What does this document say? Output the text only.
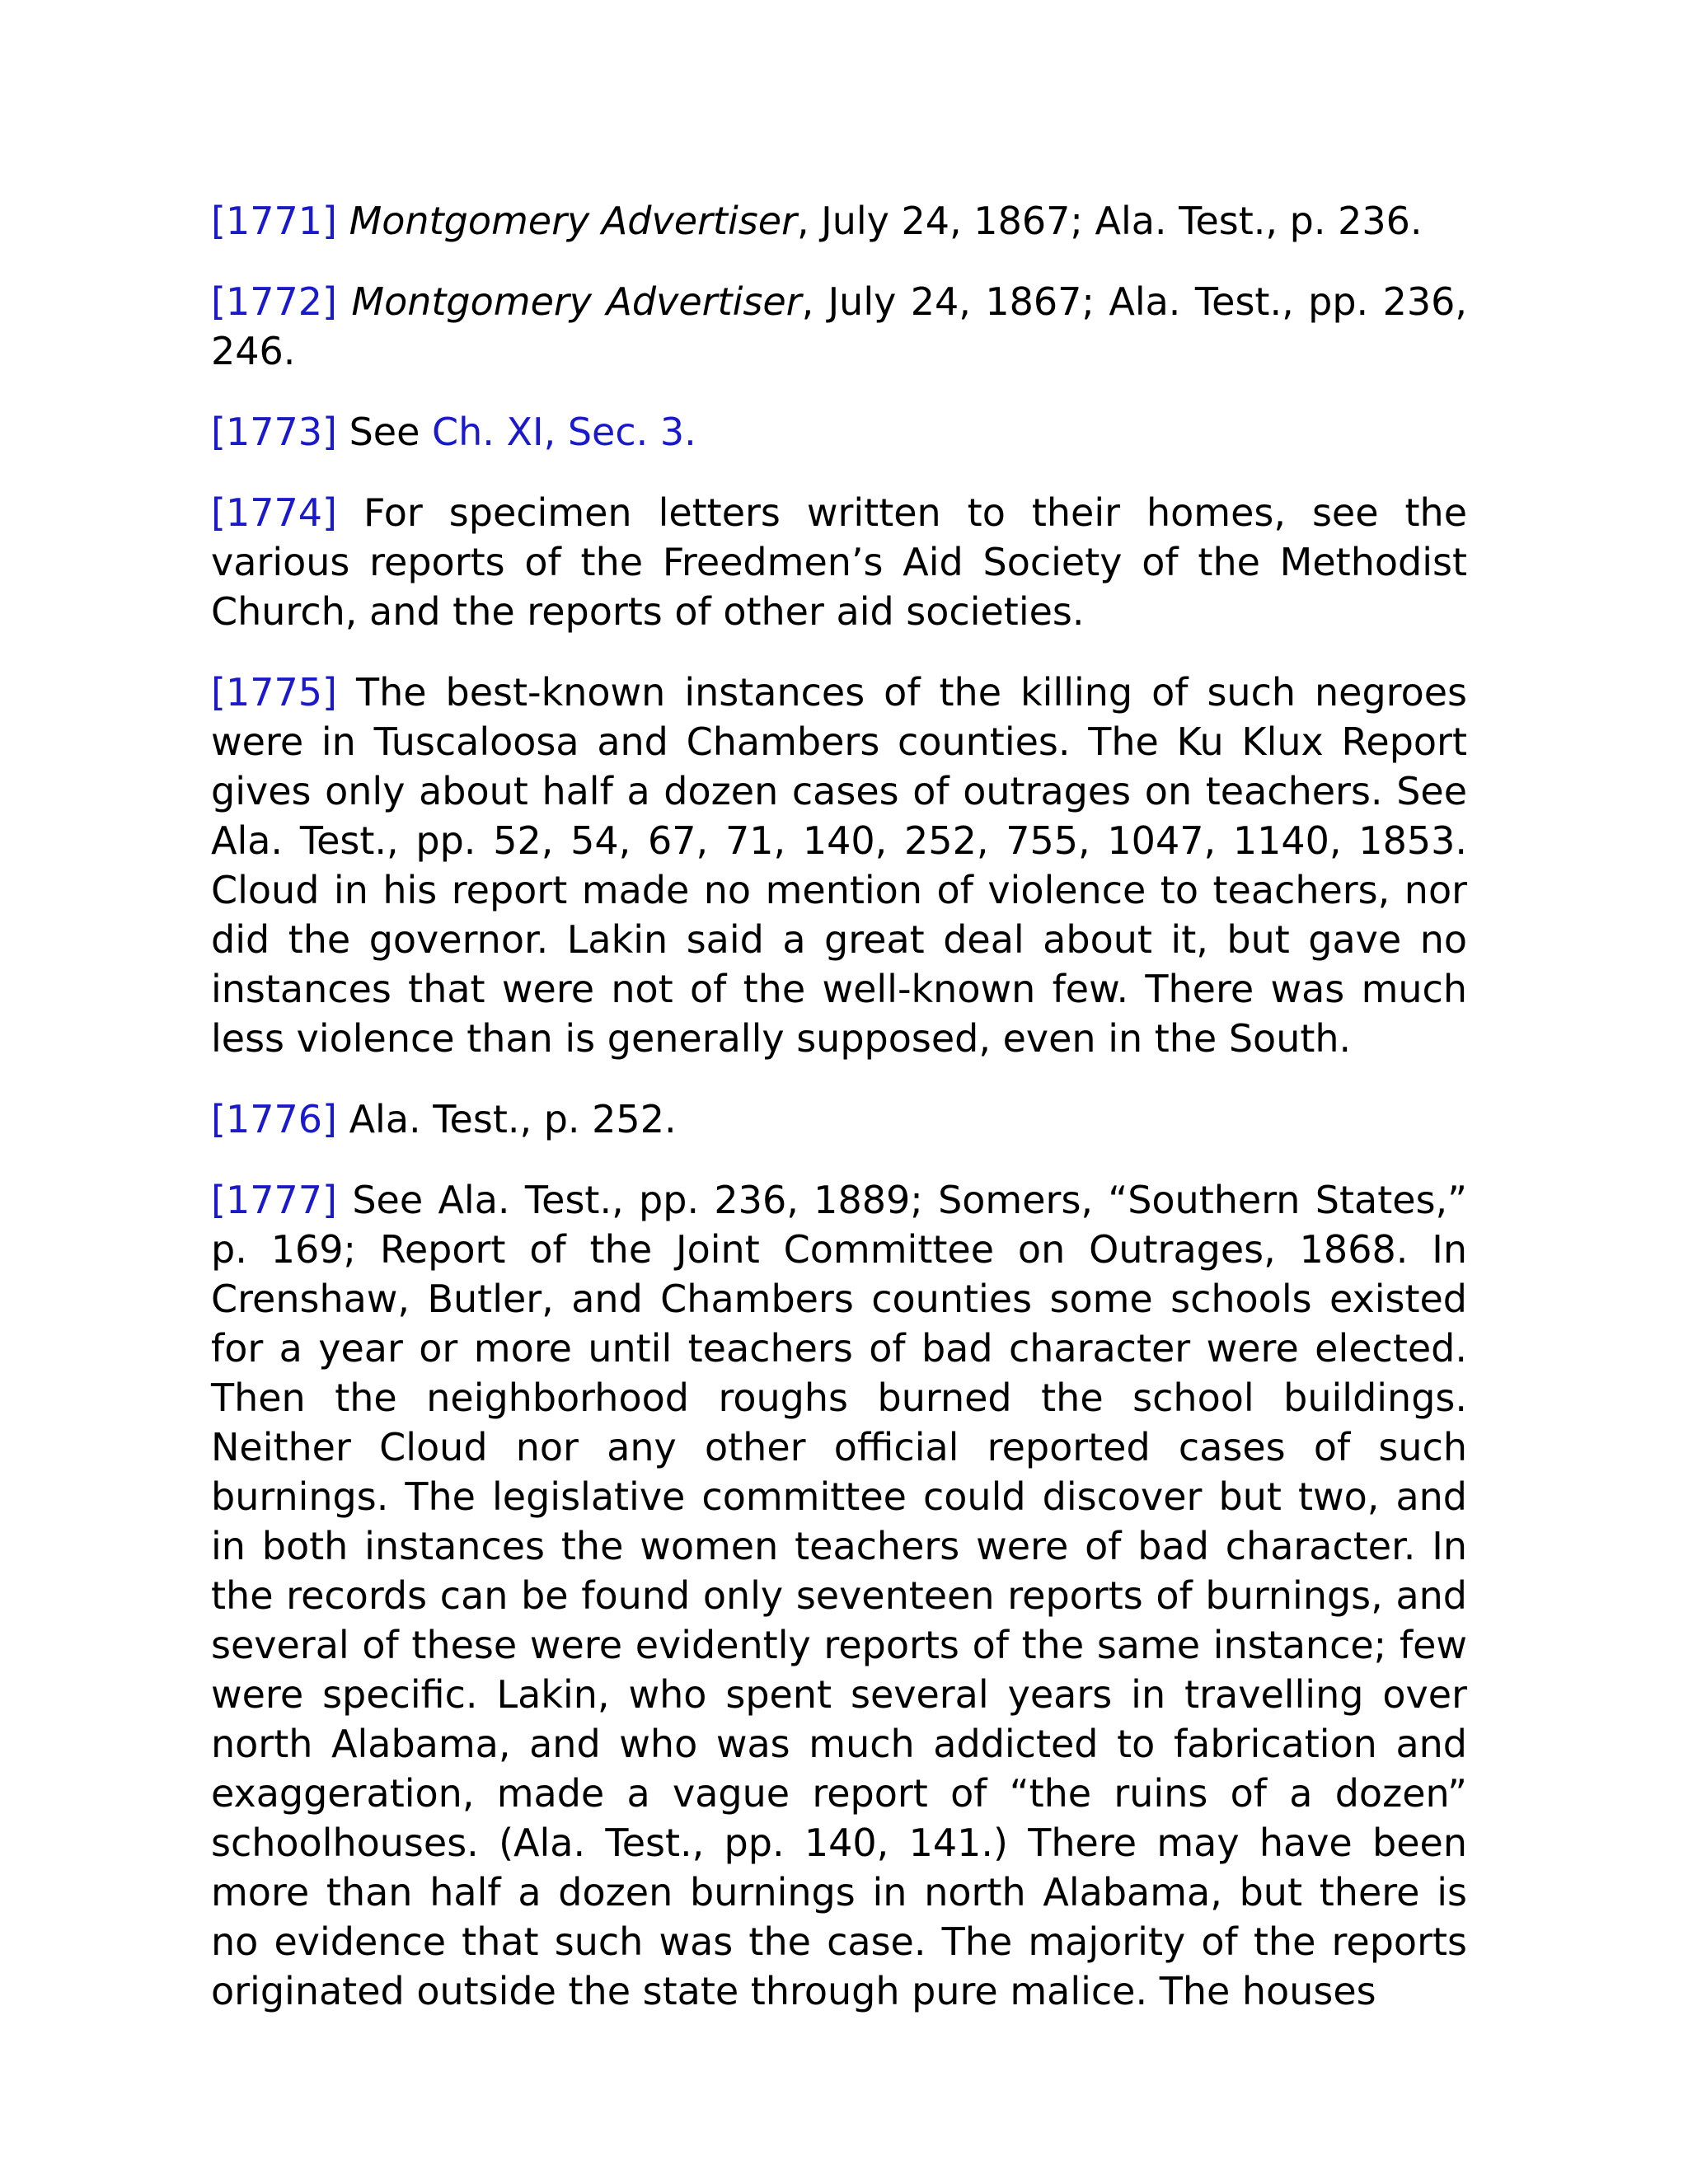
[1771] Montgomery Advertiser, July 24, 1867; Ala. Test., p. 236.

[1772] Montgomery Advertiser, July 24, 1867; Ala. Test., pp. 236, 246.

[1773] See Ch. XI, Sec. 3.

[1774] For specimen letters written to their homes, see the various reports of the Freedmen’s Aid Society of the Methodist Church, and the reports of other aid societies.

[1775] The best-known instances of the killing of such negroes were in Tuscaloosa and Chambers counties. The Ku Klux Report gives only about half a dozen cases of outrages on teachers. See Ala. Test., pp. 52, 54, 67, 71, 140, 252, 755, 1047, 1140, 1853. Cloud in his report made no mention of violence to teachers, nor did the governor. Lakin said a great deal about it, but gave no instances that were not of the well-known few. There was much less violence than is generally supposed, even in the South.

[1776] Ala. Test., p. 252.

[1777] See Ala. Test., pp. 236, 1889; Somers, “Southern States,” p. 169; Report of the Joint Committee on Outrages, 1868. In Crenshaw, Butler, and Chambers counties some schools existed for a year or more until teachers of bad character were elected. Then the neighborhood roughs burned the school buildings. Neither Cloud nor any other official reported cases of such burnings. The legislative committee could discover but two, and in both instances the women teachers were of bad character. In the records can be found only seventeen reports of burnings, and several of these were evidently reports of the same instance; few were specific. Lakin, who spent several years in travelling over north Alabama, and who was much addicted to fabrication and exaggeration, made a vague report of “the ruins of a dozen” schoolhouses. (Ala. Test., pp. 140, 141.) There may have been more than half a dozen burnings in north Alabama, but there is no evidence that such was the case. The majority of the reports originated outside the state through pure malice. The houses
